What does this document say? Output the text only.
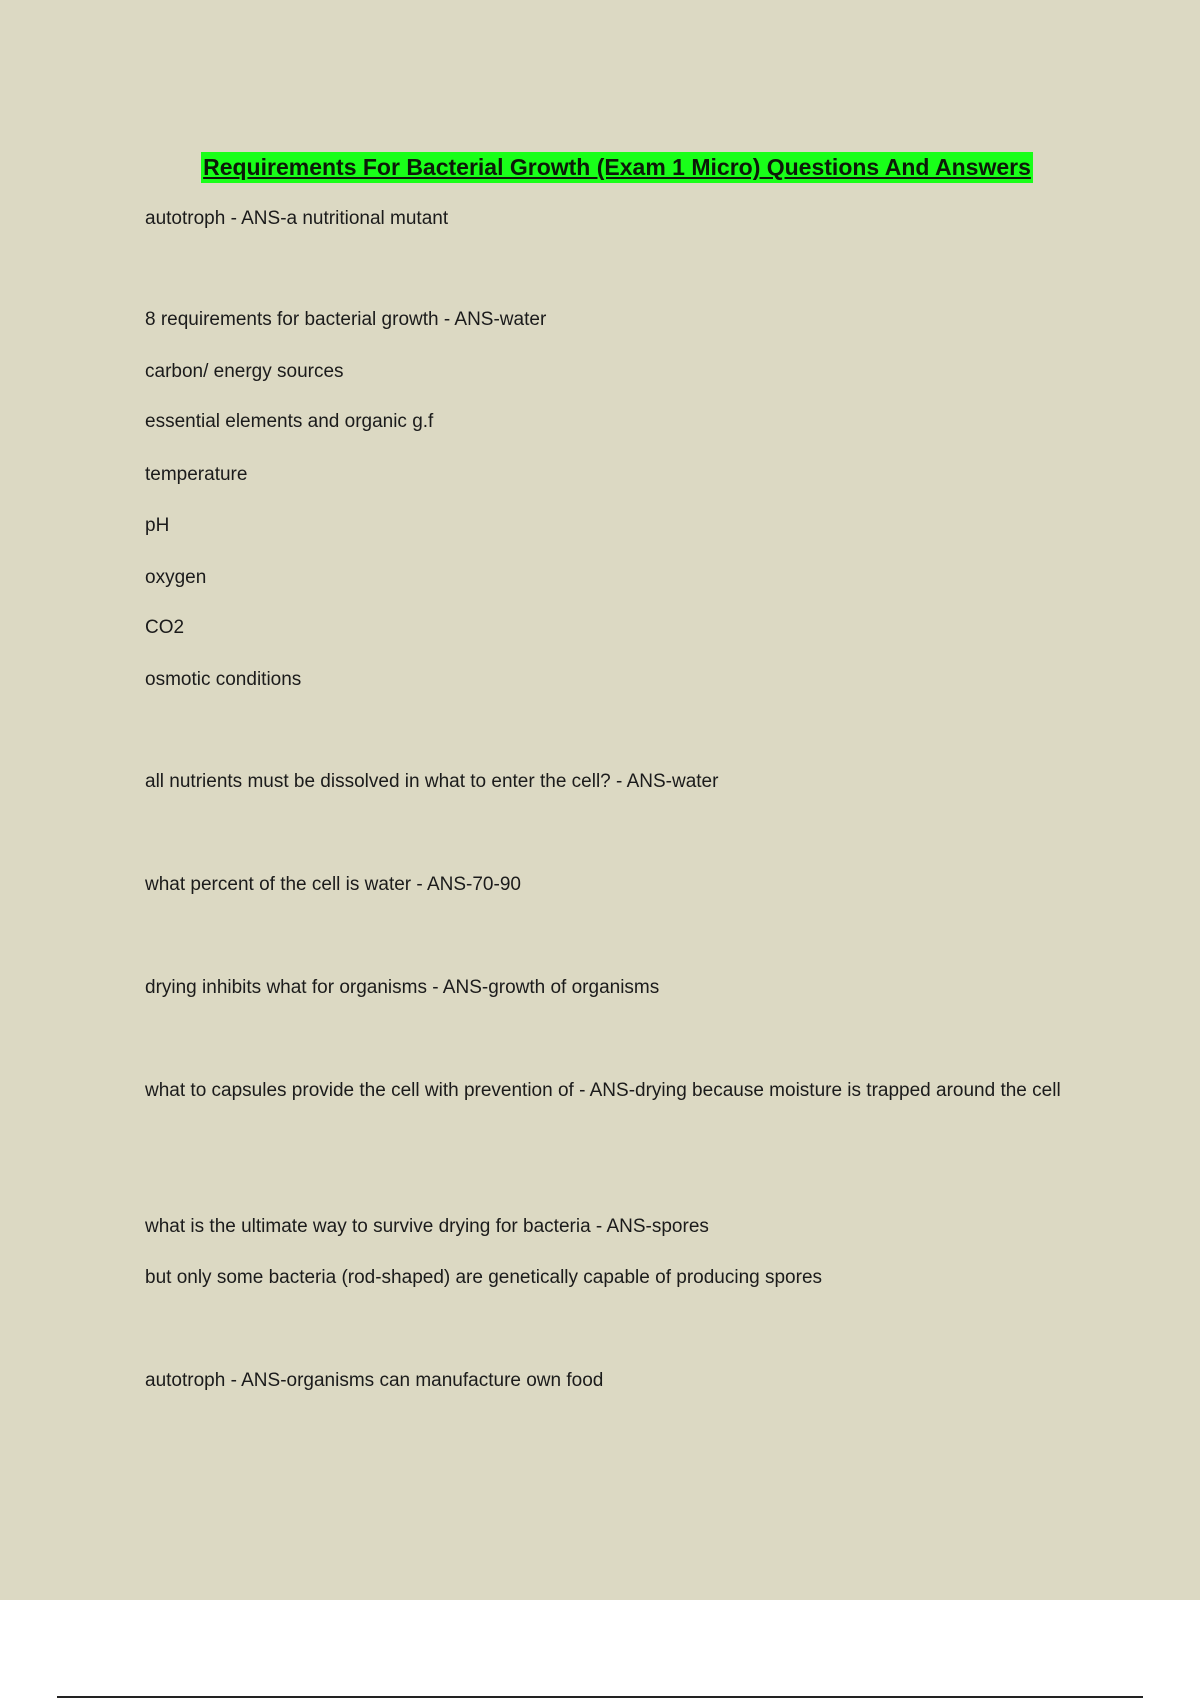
Requirements For Bacterial Growth (Exam 1 Micro) Questions And Answers

autotroph - ANS-a nutritional mutant

8 requirements for bacterial growth - ANS-water

carbon/ energy sources

essential elements and organic g.f

temperature

pH

oxygen

CO2

osmotic conditions

all nutrients must be dissolved in what to enter the cell? - ANS-water

what percent of the cell is water - ANS-70-90

drying inhibits what for organisms - ANS-growth of organisms

what to capsules provide the cell with prevention of - ANS-drying because moisture is trapped around the cell

what is the ultimate way to survive drying for bacteria - ANS-spores

but only some bacteria (rod-shaped) are genetically capable of producing spores

autotroph - ANS-organisms can manufacture own food
